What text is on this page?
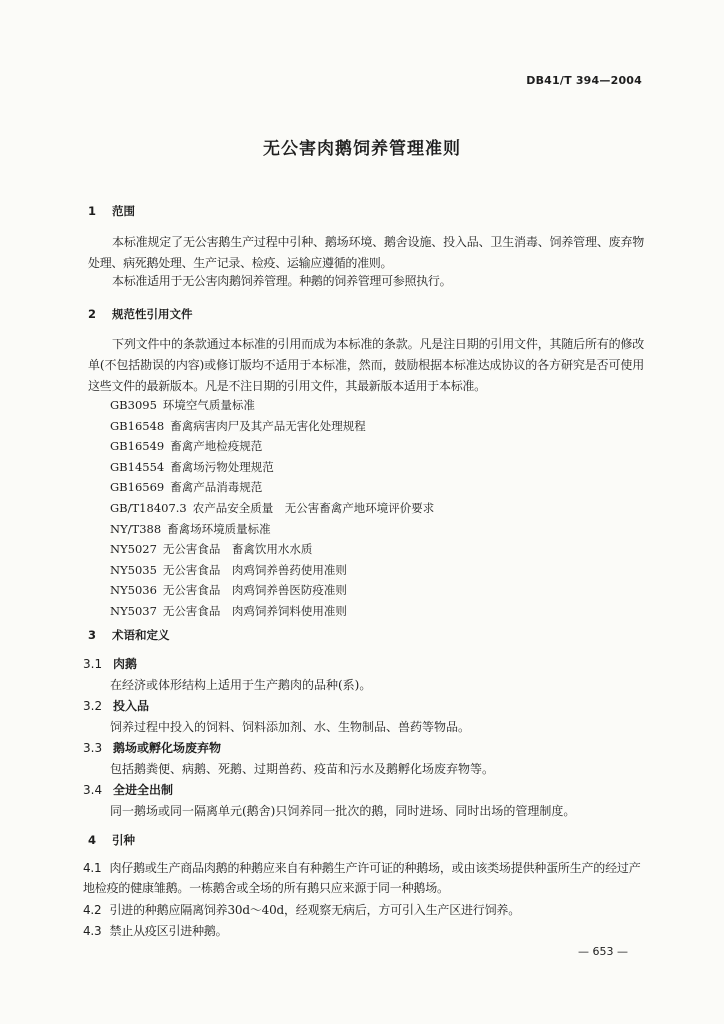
DB41/T 394—2004
无公害肉鹅饲养管理准则
1 范围
本标准规定了无公害鹅生产过程中引种、鹅场环境、鹅舍设施、投入品、卫生消毒、饲养管理、废弃物处理、病死鹅处理、生产记录、检疫、运输应遵循的准则。
本标准适用于无公害肉鹅饲养管理。种鹅的饲养管理可参照执行。
2 规范性引用文件
下列文件中的条款通过本标准的引用而成为本标准的条款。凡是注日期的引用文件，其随后所有的修改单(不包括勘误的内容)或修订版均不适用于本标准，然而，鼓励根据本标准达成协议的各方研究是否可使用这些文件的最新版本。凡是不注日期的引用文件，其最新版本适用于本标准。
GB3095 环境空气质量标准
GB16548 畜禽病害肉尸及其产品无害化处理规程
GB16549 畜禽产地检疫规范
GB14554 畜禽场污物处理规范
GB16569 畜禽产品消毒规范
GB/T18407.3 农产品安全质量　无公害畜禽产地环境评价要求
NY/T388 畜禽场环境质量标准
NY5027 无公害食品　畜禽饮用水水质
NY5035 无公害食品　肉鸡饲养兽药使用准则
NY5036 无公害食品　肉鸡饲养兽医防疫准则
NY5037 无公害食品　肉鸡饲养饲料使用准则
3 术语和定义
3.1 肉鹅
在经济或体形结构上适用于生产鹅肉的品种(系)。
3.2 投入品
饲养过程中投入的饲料、饲料添加剂、水、生物制品、兽药等物品。
3.3 鹅场或孵化场废弃物
包括鹅粪便、病鹅、死鹅、过期兽药、疫苗和污水及鹅孵化场废弃物等。
3.4 全进全出制
同一鹅场或同一隔离单元(鹅舍)只饲养同一批次的鹅，同时进场、同时出场的管理制度。
4 引种
4.1 肉仔鹅或生产商品肉鹅的种鹅应来自有种鹅生产许可证的种鹅场，或由该类场提供种蛋所生产的经过产地检疫的健康雏鹅。一栋鹅舍或全场的所有鹅只应来源于同一种鹅场。
4.2 引进的种鹅应隔离饲养30d～40d，经观察无病后，方可引入生产区进行饲养。
4.3 禁止从疫区引进种鹅。
— 653 —
